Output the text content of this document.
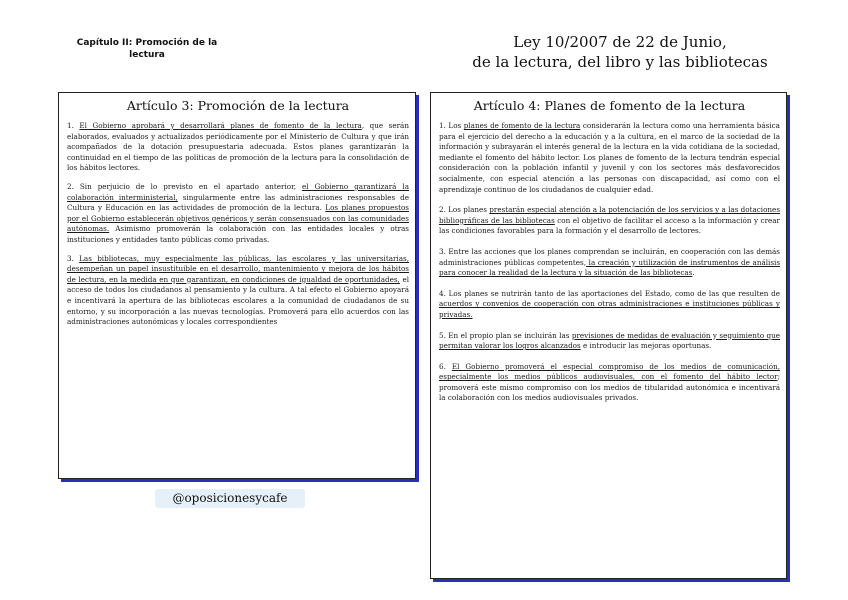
Capítulo II: Promoción de la lectura
Ley 10/2007 de 22 de Junio,
de la lectura, del libro y las bibliotecas
Artículo 3: Promoción de la lectura

1. El Gobierno aprobará y desarrollará planes de fomento de la lectura, que serán elaborados, evaluados y actualizados periódicamente por el Ministerio de Cultura y que irán acompañados de la dotación presupuestaria adecuada. Estos planes garantizarán la continuidad en el tiempo de las políticas de promoción de la lectura para la consolidación de los hábitos lectores.

2. Sin perjuicio de lo previsto en el apartado anterior, el Gobierno garantizará la colaboración interministerial, singularmente entre las administraciones responsables de Cultura y Educación en las actividades de promoción de la lectura. Los planes propuestos por el Gobierno establecerán objetivos genéricos y serán consensuados con las comunidades autónomas. Asimismo promoverán la colaboración con las entidades locales y otras instituciones y entidades tanto públicas como privadas.

3. Las bibliotecas, muy especialmente las públicas, las escolares y las universitarias, desempeñan un papel insustituible en el desarrollo, mantenimiento y mejora de los hábitos de lectura, en la medida en que garantizan, en condiciones de igualdad de oportunidades, el acceso de todos los ciudadanos al pensamiento y la cultura. A tal efecto el Gobierno apoyará e incentivará la apertura de las bibliotecas escolares a la comunidad de ciudadanos de su entorno, y su incorporación a las nuevas tecnologías. Promoverá para ello acuerdos con las administraciones autonómicas y locales correspondientes

@oposicionesycafe
Artículo 4: Planes de fomento de la lectura

1. Los planes de fomento de la lectura considerarán la lectura como una herramienta básica para el ejercicio del derecho a la educación y a la cultura, en el marco de la sociedad de la información y subrayarán el interés general de la lectura en la vida cotidiana de la sociedad, mediante el fomento del hábito lector. Los planes de fomento de la lectura tendrán especial consideración con la población infantil y juvenil y con los sectores más desfavorecidos socialmente, con especial atención a las personas con discapacidad, así como con el aprendizaje continuo de los ciudadanos de cualquier edad.

2. Los planes prestarán especial atención a la potenciación de los servicios y a las dotaciones bibliográficas de las bibliotecas con el objetivo de facilitar el acceso a la información y crear las condiciones favorables para la formación y el desarrollo de lectores.

3. Entre las acciones que los planes comprendan se incluirán, en cooperación con las demás administraciones públicas competentes, la creación y utilización de instrumentos de análisis para conocer la realidad de la lectura y la situación de las bibliotecas.

4. Los planes se nutrirán tanto de las aportaciones del Estado, como de las que resulten de acuerdos y convenios de cooperación con otras administraciones e instituciones públicas y privadas.

5. En el propio plan se incluirán las previsiones de medidas de evaluación y seguimiento que permitan valorar los logros alcanzados e introducir las mejoras oportunas.

6. El Gobierno promoverá el especial compromiso de los medios de comunicación, especialmente los medios públicos audiovisuales, con el fomento del hábito lector; promoverá este mismo compromiso con los medios de titularidad autonómica e incentivará la colaboración con los medios audiovisuales privados.
